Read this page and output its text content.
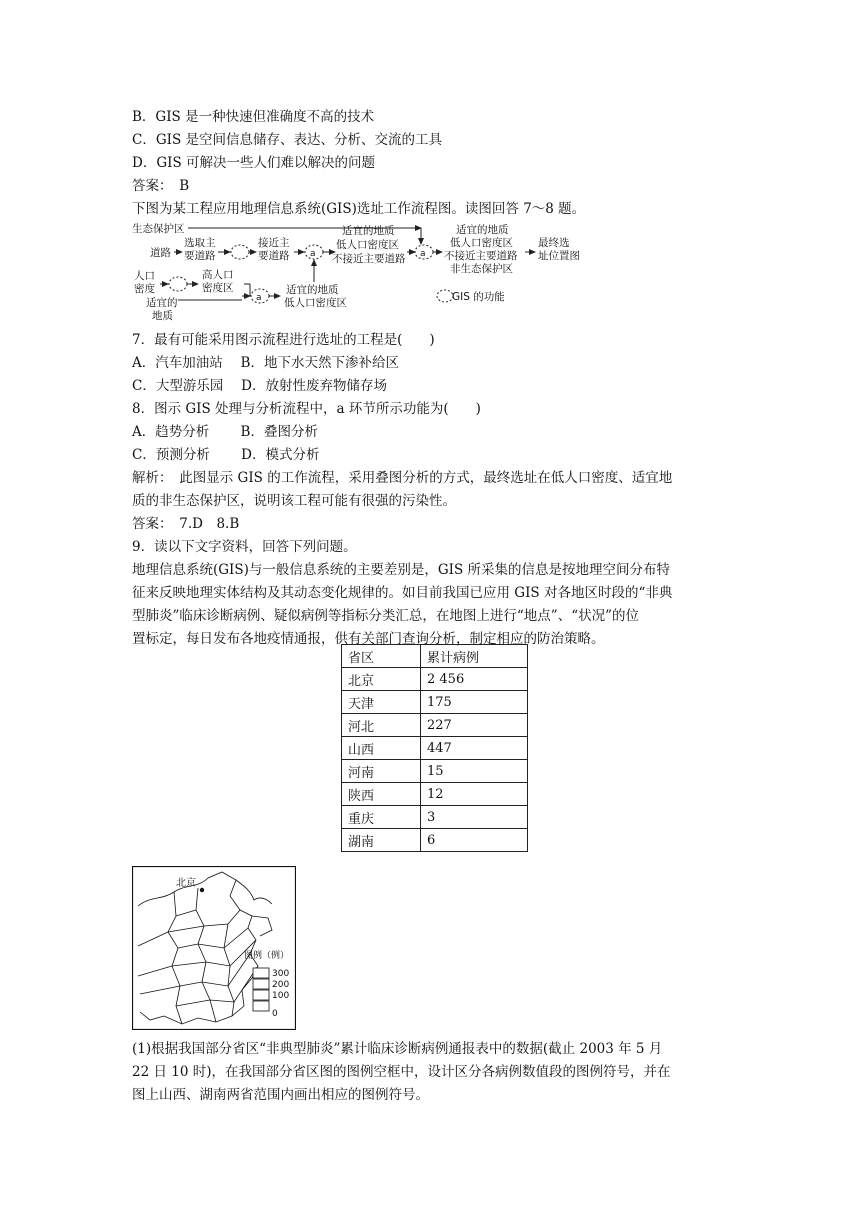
B．GIS 是一种快速但准确度不高的技术
C．GIS 是空间信息储存、表达、分析、交流的工具
D．GIS 可解决一些人们难以解决的问题
答案：　B
下图为某工程应用地理信息系统(GIS)选址工作流程图。读图回答 7～8 题。
生态保护区
道路
选取主
要道路
接近主
要道路 a
适宜的地质
低人口密度区
不接近主要道路 a
适宜的地质
低人口密度区
不接近主要道路
非生态保护区
最终选
址位置图
人口
密度
高人口
密度区
适宜的
地质
a
适宜的地质
低人口密度区	GIS 的功能
7．最有可能采用图示流程进行选址的工程是(　　)
A．汽车加油站　 B．地下水天然下渗补给区
C．大型游乐园　 D．放射性废弃物储存场
8．图示 GIS 处理与分析流程中，a 环节所示功能为(　　)
A．趋势分析　　 B．叠图分析
C．预测分析　　 D．模式分析
解析：　此图显示 GIS 的工作流程，采用叠图分析的方式，最终选址在低人口密度、适宜地
质的非生态保护区，说明该工程可能有很强的污染性。
答案：　7.D　8.B
9．读以下文字资料，回答下列问题。
地理信息系统(GIS)与一般信息系统的主要差别是，GIS 所采集的信息是按地理空间分布特
征来反映地理实体结构及其动态变化规律的。如目前我国已应用 GIS 对各地区时段的“非典
型肺炎”临床诊断病例、疑似病例等指标分类汇总，在地图上进行“地点”、“状况”的位
置标定，每日发布各地疫情通报，供有关部门查询分析，制定相应的防治策略。
省区	累计病例
北京	2 456
天津	175
河北	227
山西	447
河南	15
陕西	12
重庆	3
湖南	6
北京
图例（例）
300
200
100
0
(1)根据我国部分省区“非典型肺炎”累计临床诊断病例通报表中的数据(截止 2003 年 5 月
22 日 10 时)，在我国部分省区图的图例空框中，设计区分各病例数值段的图例符号，并在
图上山西、湖南两省范围内画出相应的图例符号。
